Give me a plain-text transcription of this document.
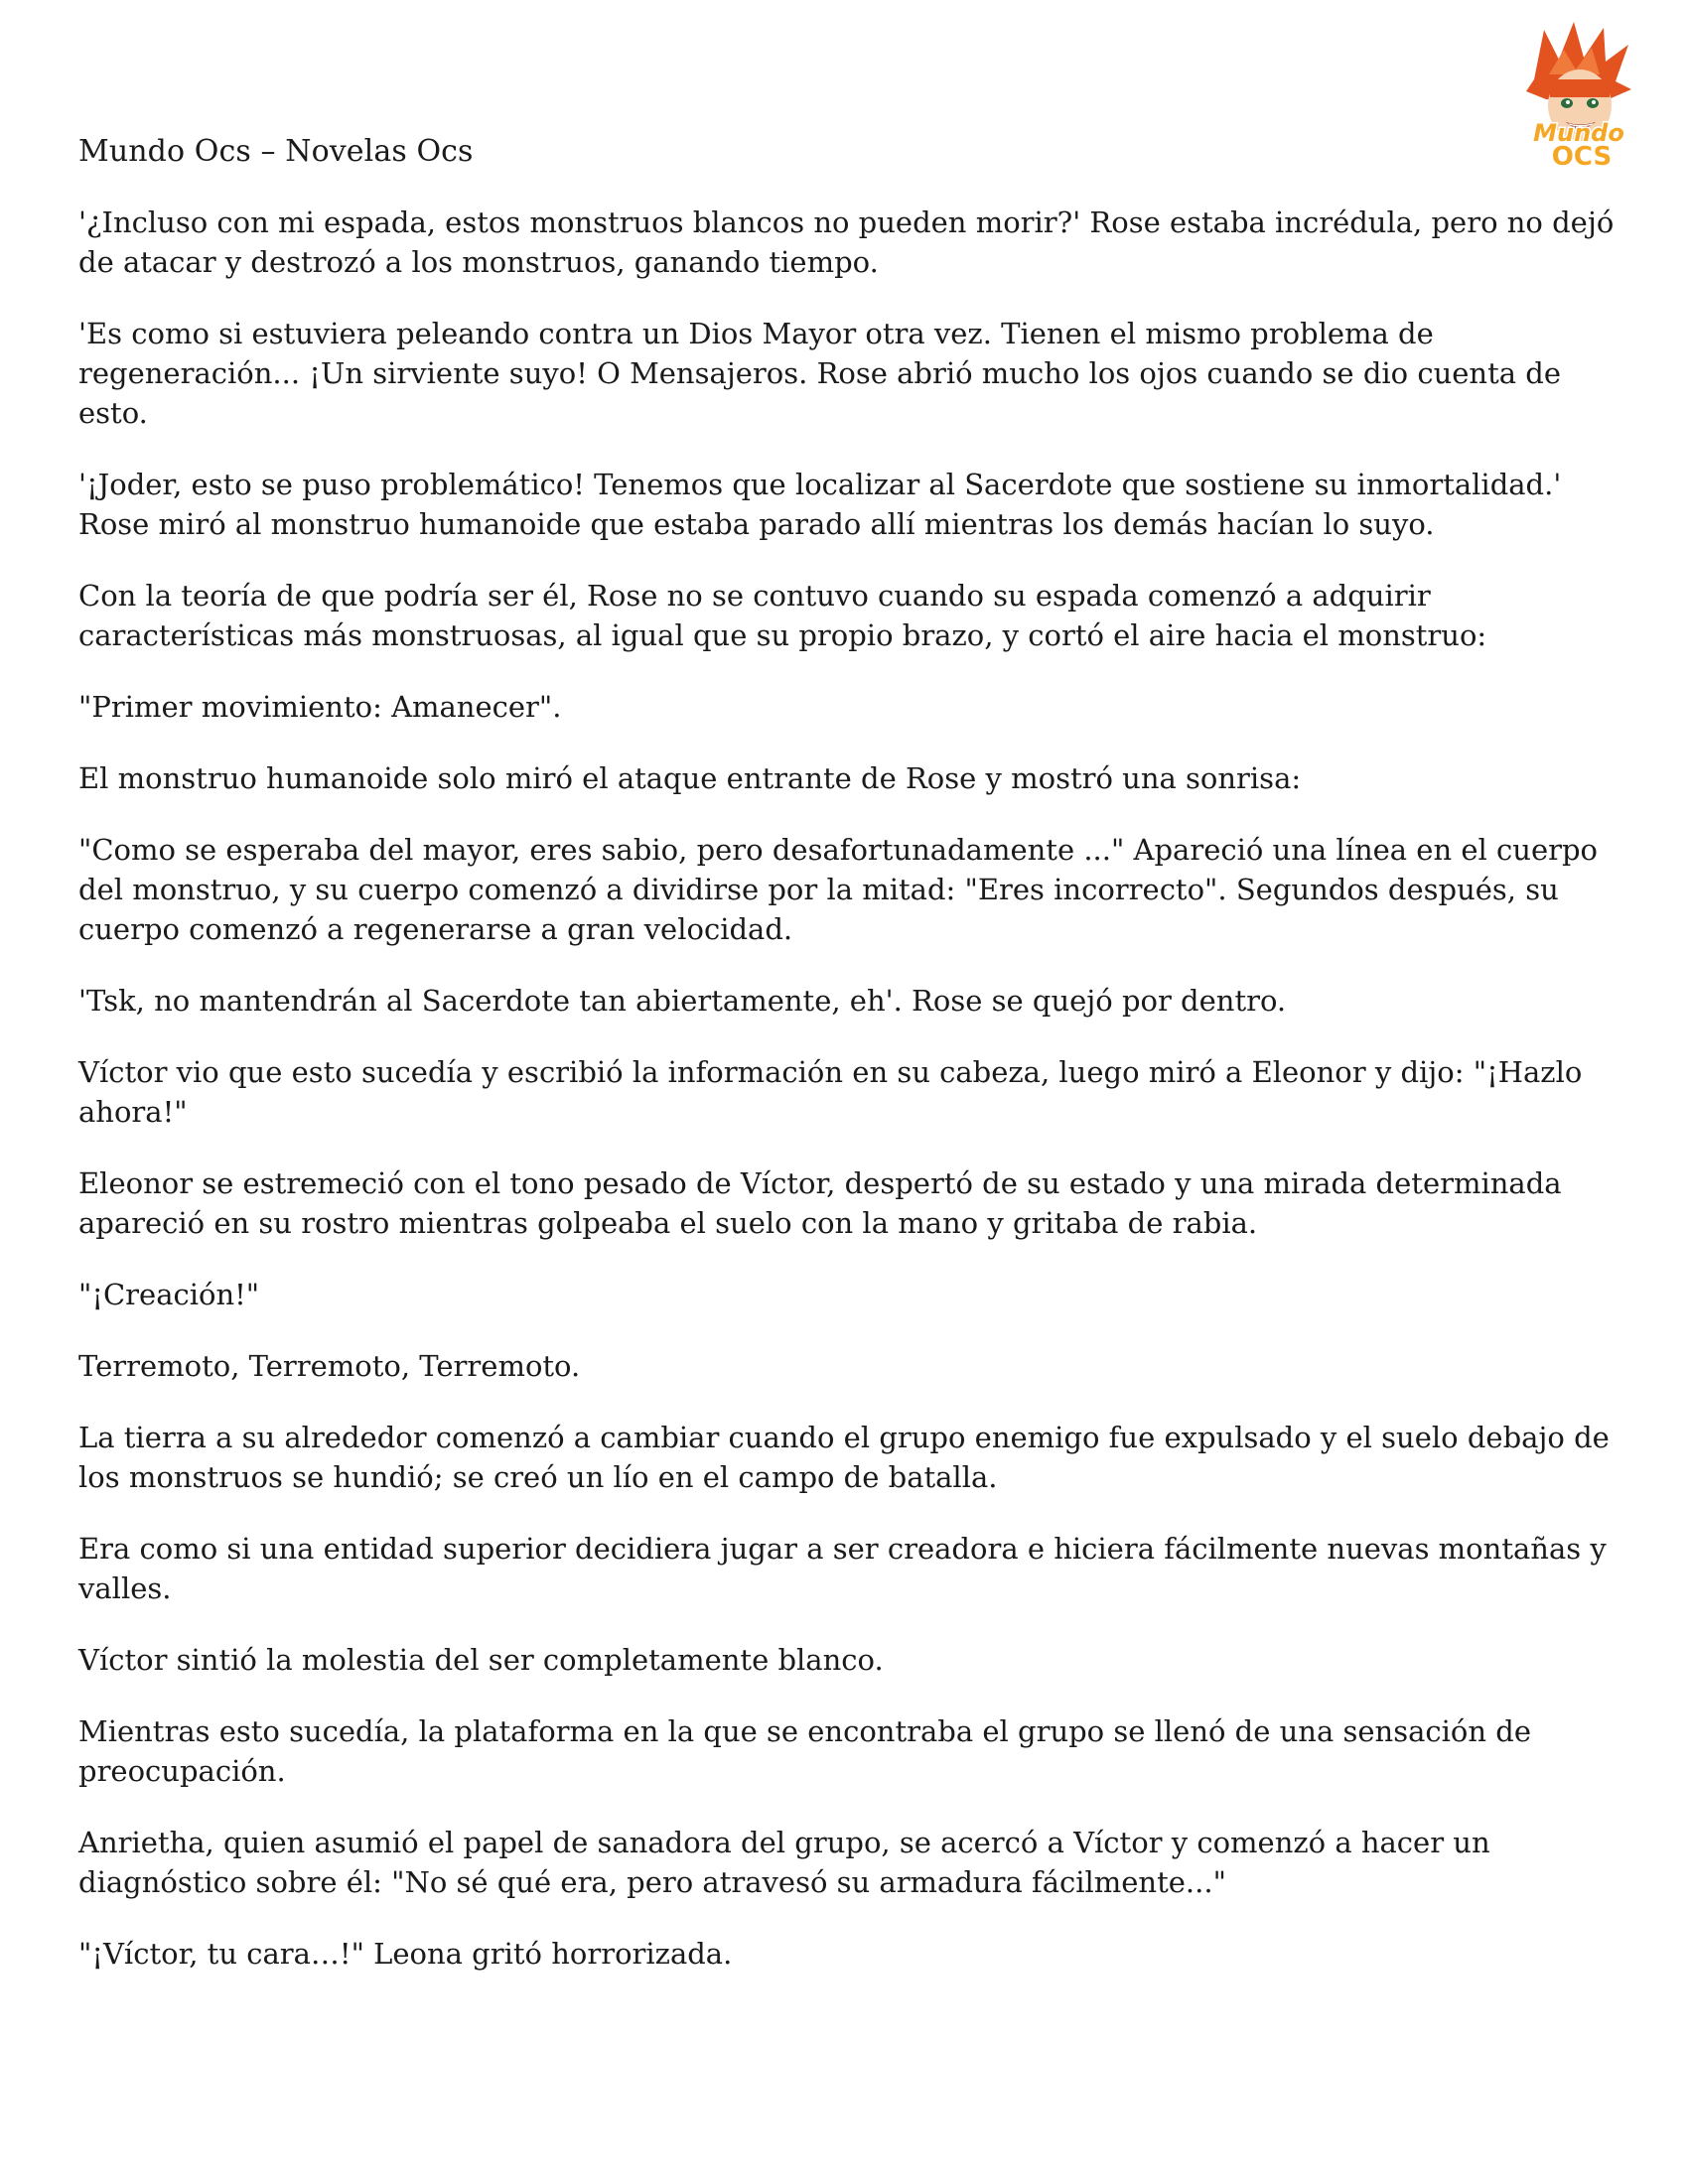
Mundo Ocs – Novelas Ocs
Mundo
OCS

'¿Incluso con mi espada, estos monstruos blancos no pueden morir?' Rose estaba incrédula, pero no dejó de atacar y destrozó a los monstruos, ganando tiempo.

'Es como si estuviera peleando contra un Dios Mayor otra vez. Tienen el mismo problema de regeneración... ¡Un sirviente suyo! O Mensajeros. Rose abrió mucho los ojos cuando se dio cuenta de esto.

'¡Joder, esto se puso problemático! Tenemos que localizar al Sacerdote que sostiene su inmortalidad.' Rose miró al monstruo humanoide que estaba parado allí mientras los demás hacían lo suyo.

Con la teoría de que podría ser él, Rose no se contuvo cuando su espada comenzó a adquirir características más monstruosas, al igual que su propio brazo, y cortó el aire hacia el monstruo:

"Primer movimiento: Amanecer".

El monstruo humanoide solo miró el ataque entrante de Rose y mostró una sonrisa:

"Como se esperaba del mayor, eres sabio, pero desafortunadamente ..." Apareció una línea en el cuerpo del monstruo, y su cuerpo comenzó a dividirse por la mitad: "Eres incorrecto". Segundos después, su cuerpo comenzó a regenerarse a gran velocidad.

'Tsk, no mantendrán al Sacerdote tan abiertamente, eh'. Rose se quejó por dentro.

Víctor vio que esto sucedía y escribió la información en su cabeza, luego miró a Eleonor y dijo: "¡Hazlo ahora!"

Eleonor se estremeció con el tono pesado de Víctor, despertó de su estado y una mirada determinada apareció en su rostro mientras golpeaba el suelo con la mano y gritaba de rabia.

"¡Creación!"

Terremoto, Terremoto, Terremoto.

La tierra a su alrededor comenzó a cambiar cuando el grupo enemigo fue expulsado y el suelo debajo de los monstruos se hundió; se creó un lío en el campo de batalla.

Era como si una entidad superior decidiera jugar a ser creadora e hiciera fácilmente nuevas montañas y valles.

Víctor sintió la molestia del ser completamente blanco.

Mientras esto sucedía, la plataforma en la que se encontraba el grupo se llenó de una sensación de preocupación.

Anrietha, quien asumió el papel de sanadora del grupo, se acercó a Víctor y comenzó a hacer un diagnóstico sobre él: "No sé qué era, pero atravesó su armadura fácilmente..."

"¡Víctor, tu cara…!" Leona gritó horrorizada.
